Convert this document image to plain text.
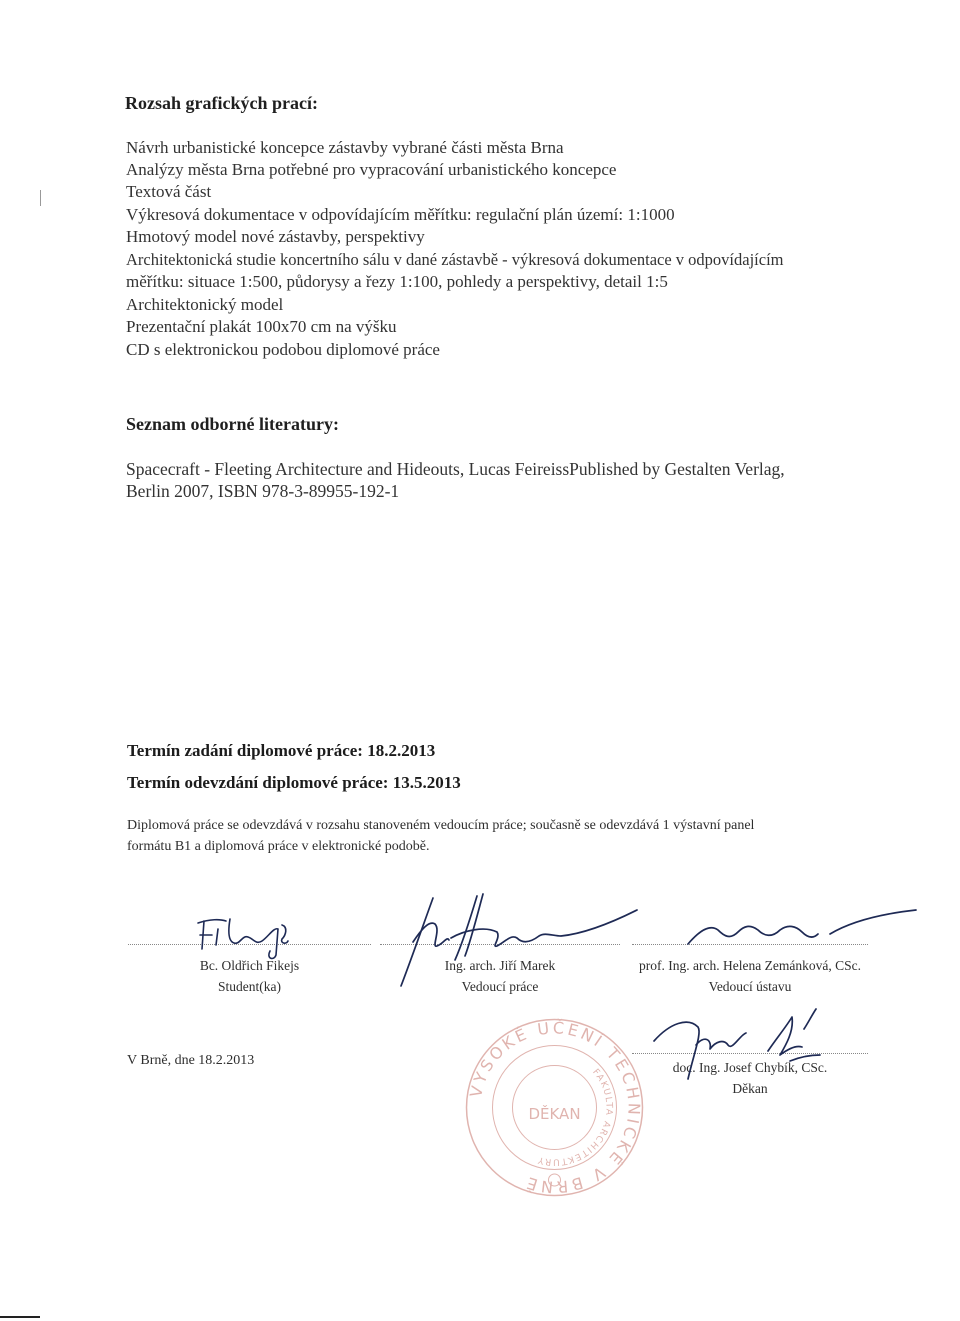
Rozsah grafických prací:
Návrh urbanistické koncepce zástavby vybrané části města Brna
Analýzy města Brna potřebné pro vypracování urbanistického koncepce
Textová část
Výkresová dokumentace v odpovídajícím měřítku: regulační plán území: 1:1000
Hmotový model nové zástavby, perspektivy
Architektonická studie koncertního sálu v dané zástavbě - výkresová dokumentace v odpovídajícím
měřítku: situace 1:500, půdorysy a řezy 1:100, pohledy a perspektivy, detail 1:5
Architektonický model
Prezentační plakát 100x70 cm na výšku
CD s elektronickou podobou diplomové práce
Seznam odborné literatury:
Spacecraft - Fleeting Architecture and Hideouts, Lucas FeireissPublished by Gestalten Verlag,
Berlin 2007, ISBN 978-3-89955-192-1
Termín zadání diplomové práce: 18.2.2013
Termín odevzdání diplomové práce: 13.5.2013
Diplomová práce se odevzdává v rozsahu stanoveném vedoucím práce; současně se odevzdává 1 výstavní panel
formátu B1 a diplomová práce v elektronické podobě.
Bc. Oldřich Fikejs
Student(ka)
Ing. arch. Jiří Marek
Vedoucí práce
prof. Ing. arch. Helena Zemánková, CSc.
Vedoucí ústavu
doc. Ing. Josef Chybík, CSc.
Děkan
V Brně, dne 18.2.2013
VYSOKÉ UČENÍ TECHNICKÉ V BRNĚ
FAKULTA ARCHITEKTURY
DĚKAN
